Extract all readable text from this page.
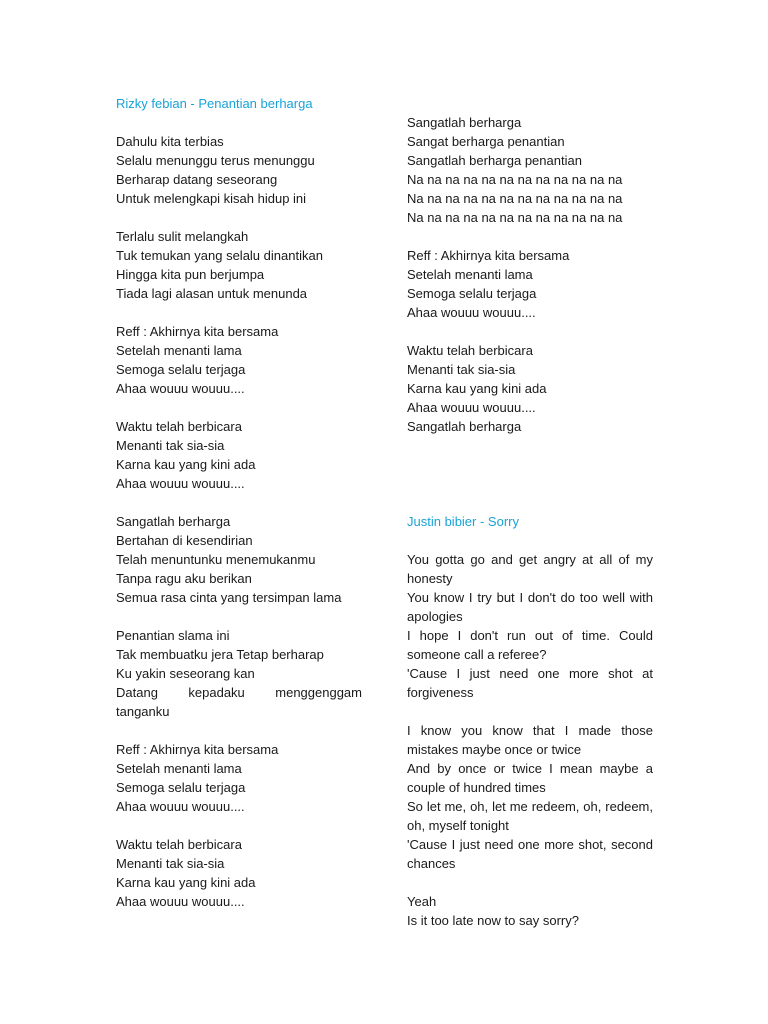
Rizky febian - Penantian berharga
Dahulu kita terbias
Selalu menunggu terus menunggu
Berharap datang seseorang
Untuk melengkapi kisah hidup ini
Terlalu sulit melangkah
Tuk temukan yang selalu dinantikan
Hingga kita pun berjumpa
Tiada lagi alasan untuk menunda
Reff : Akhirnya kita bersama
Setelah menanti lama
Semoga selalu terjaga
Ahaa wouuu wouuu....
Waktu telah berbicara
Menanti tak sia-sia
Karna kau yang kini ada
Ahaa wouuu wouuu....
Sangatlah berharga
Bertahan di kesendirian
Telah menuntunku menemukanmu
Tanpa ragu aku berikan
Semua rasa cinta yang tersimpan lama
Penantian slama ini
Tak membuatku jera Tetap berharap
Ku yakin seseorang kan
Datang kepadaku menggenggam tanganku
Reff : Akhirnya kita bersama
Setelah menanti lama
Semoga selalu terjaga
Ahaa wouuu wouuu....
Waktu telah berbicara
Menanti tak sia-sia
Karna kau yang kini ada
Ahaa wouuu wouuu....
Sangatlah berharga
Sangat berharga penantian
Sangatlah berharga penantian
Na na na na na na na na na na na na
Na na na na na na na na na na na na
Na na na na na na na na na na na na
Reff : Akhirnya kita bersama
Setelah menanti lama
Semoga selalu terjaga
Ahaa wouuu wouuu....
Waktu telah berbicara
Menanti tak sia-sia
Karna kau yang kini ada
Ahaa wouuu wouuu....
Sangatlah berharga
Justin bibier - Sorry
You gotta go and get angry at all of my honesty
You know I try but I don't do too well with apologies
I hope I don't run out of time. Could someone call a referee?
'Cause I just need one more shot at forgiveness
I know you know that I made those mistakes maybe once or twice
And by once or twice I mean maybe a couple of hundred times
So let me, oh, let me redeem, oh, redeem, oh, myself tonight
'Cause I just need one more shot, second chances
Yeah
Is it too late now to say sorry?
